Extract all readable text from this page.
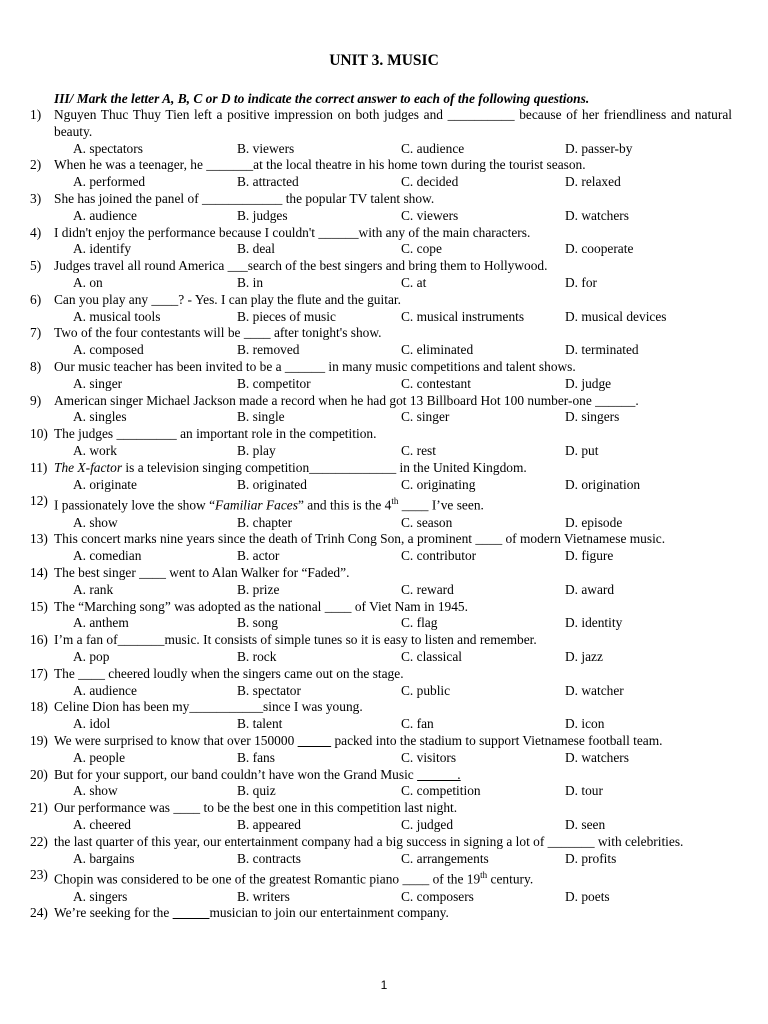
UNIT 3. MUSIC
III/ Mark the letter A, B, C or D to indicate the correct answer to each of the following questions.
1) Nguyen Thuc Thuy Tien left a positive impression on both judges and __________ because of her friendliness and natural beauty.
A. spectators	B. viewers	C. audience	D. passer-by
2) When he was a teenager, he _______at the local theatre in his home town during the tourist season.
A. performed	B. attracted	C. decided	D. relaxed
3) She has joined the panel of ____________ the popular TV talent show.
A. audience	B. judges	C. viewers	D. watchers
4) I didn't enjoy the performance because I couldn't ______with any of the main characters.
A. identify	B. deal	C. cope	D. cooperate
5) Judges travel all round America ___search of the best singers and bring them to Hollywood.
A. on	B. in	C. at	D. for
6) Can you play any ____? - Yes. I can play the flute and the guitar.
A. musical tools	B. pieces of music	C. musical instruments	D. musical devices
7) Two of the four contestants will be ____ after tonight's show.
A. composed	B. removed	C. eliminated	D. terminated
8) Our music teacher has been invited to be a ______ in many music competitions and talent shows.
A. singer	B. competitor	C. contestant	D. judge
9) American singer Michael Jackson made a record when he had got 13 Billboard Hot 100 number-one ______.
A. singles	B. single	C. singer	D. singers
10) The judges _________ an important role in the competition.
A. work	B. play	C. rest	D. put
11) The X-factor is a television singing competition_____________ in the United Kingdom.
A. originate	B. originated	C. originating	D. origination
12) I passionately love the show “Familiar Faces” and this is the 4th ____ I’ve seen.
A. show	B. chapter	C. season	D. episode
13) This concert marks nine years since the death of Trinh Cong Son, a prominent ____ of modern Vietnamese music.
A. comedian	B. actor	C. contributor	D. figure
14) The best singer ____ went to Alan Walker for “Faded”.
A. rank	B. prize	C. reward	D. award
15) The “Marching song” was adopted as the national ____ of Viet Nam in 1945.
A. anthem	B. song	C. flag	D. identity
16) I’m a fan of_______music. It consists of simple tunes so it is easy to listen and remember.
A. pop	B. rock	C. classical	D. jazz
17) The ____ cheered loudly when the singers came out on the stage.
A. audience	B. spectator	C. public	D. watcher
18) Celine Dion has been my___________since I was young.
A. idol	B. talent	C. fan	D. icon
19) We were surprised to know that over 150000            packed into the stadium to support Vietnamese football team.
A. people	B. fans	C. visitors	D. watchers
20) But for your support, our band couldn’t have won the Grand Music             .
A. show	B. quiz	C. competition	D. tour
21) Our performance was ____ to be the best one in this competition last night.
A. cheered	B. appeared	C. judged	D. seen
22) the last quarter of this year, our entertainment company had a big success in signing a lot of _______ with celebrities.
A. bargains	B. contracts	C. arrangements	D. profits
23) Chopin was considered to be one of the greatest Romantic piano ____ of the 19th century.
A. singers	B. writers	C. composers	D. poets
24) We’re seeking for the	musician to join our entertainment company.
1
